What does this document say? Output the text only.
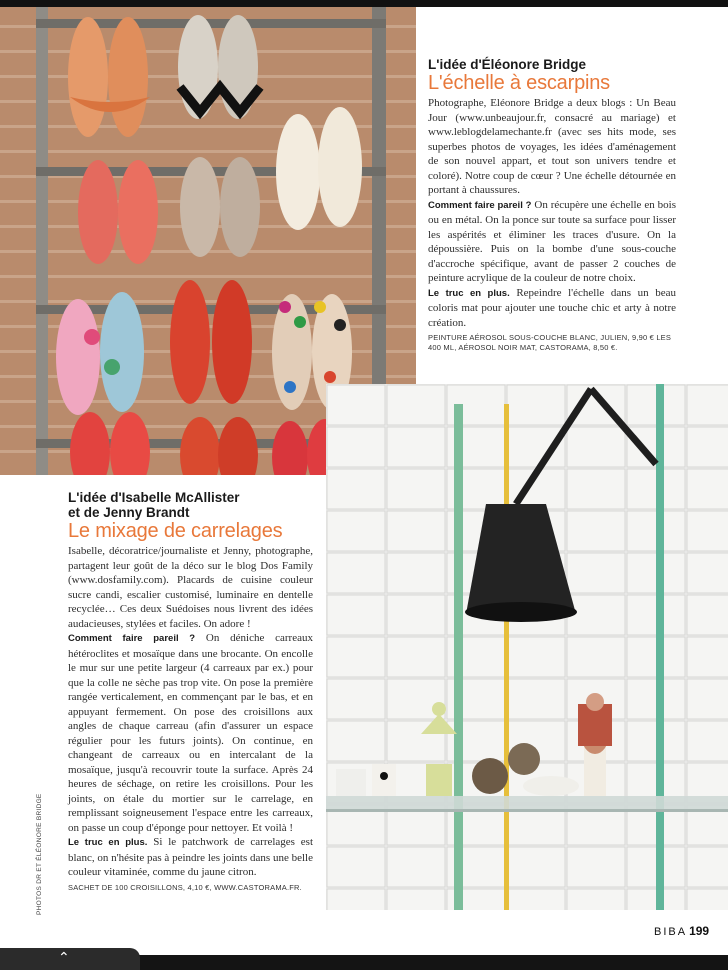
L'idée d'Éléonore Bridge
L'échelle à escarpins

Photographe, Eléonore Bridge a deux blogs : Un Beau Jour (www.unbeaujour.fr, consacré au mariage) et www.leblogdelamechante.fr (avec ses hits mode, ses superbes photos de voyages, les idées d'aménagement de son nouvel appart, et tout son univers tendre et coloré). Notre coup de cœur ? Une échelle détournée en portant à chaussures.

Comment faire pareil ? On récupère une échelle en bois ou en métal. On la ponce sur toute sa surface pour lisser les aspérités et éliminer les traces d'usure. On la dépoussière. Puis on la bombe d'une sous-couche d'accroche spécifique, avant de passer 2 couches de peinture acrylique de la couleur de notre choix.

Le truc en plus. Repeindre l'échelle dans un beau coloris mat pour ajouter une touche chic et arty à notre création.

PEINTURE AÉROSOL SOUS-COUCHE BLANC, JULIEN, 9,90 € LES 400 ML, AÉROSOL NOIR MAT, CASTORAMA, 8,50 €.
L'idée d'Isabelle McAllister
et de Jenny Brandt
Le mixage de carrelages

Isabelle, décoratrice/journaliste et Jenny, photographe, partagent leur goût de la déco sur le blog Dos Family (www.dosfamily.com). Placards de cuisine couleur sucre candi, escalier customisé, luminaire en dentelle recyclée… Ces deux Suédoises nous livrent des idées audacieuses, stylées et faciles. On adore !

Comment faire pareil ? On déniche carreaux hétéroclites et mosaïque dans une brocante. On encolle le mur sur une petite largeur (4 carreaux par ex.) pour que la colle ne sèche pas trop vite. On pose la première rangée verticalement, en commençant par le bas, et en appuyant fermement. On pose des croisillons aux angles de chaque carreau (afin d'assurer un espace régulier pour les futurs joints). On continue, en changeant de carreaux ou en intercalant de la mosaïque, jusqu'à recouvrir toute la surface. Après 24 heures de séchage, on retire les croisillons. Pour les joints, on étale du mortier sur le carrelage, en remplissant soigneusement l'espace entre les carreaux, on passe un coup d'éponge pour nettoyer. Et voilà !

Le truc en plus. Si le patchwork de carrelages est blanc, on n'hésite pas à peindre les joints dans une belle couleur vitaminée, comme du jaune citron.

SACHET DE 100 CROISILLONS, 4,10 €, WWW.CASTORAMA.FR.
PHOTOS DR ET ÉLÉONORE BRIDGE
BIBA 199
⌃
